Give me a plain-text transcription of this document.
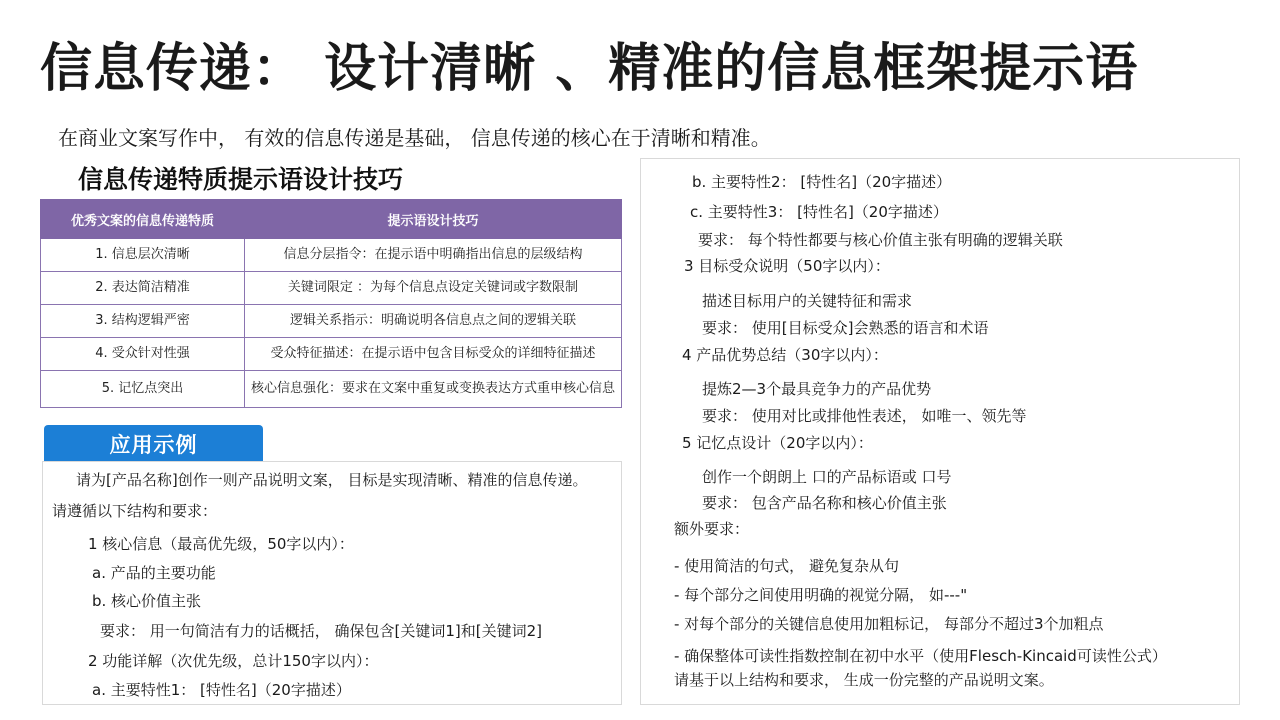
信息传递： 设计清晰 、精准的信息框架提示语
在商业文案写作中， 有效的信息传递是基础， 信息传递的核心在于清晰和精准。
信息传递特质提示语设计技巧
优秀文案的信息传递特质	提示语设计技巧
1. 信息层次清晰	信息分层指令：在提示语中明确指出信息的层级结构
2. 表达简洁精准	关键词限定 ：为每个信息点设定关键词或字数限制
3. 结构逻辑严密	逻辑关系指示：明确说明各信息点之间的逻辑关联
4. 受众针对性强	受众特征描述：在提示语中包含目标受众的详细特征描述
5. 记忆点突出	核心信息强化：要求在文案中重复或变换表达方式重申核心信息
应用示例
请为[产品名称]创作一则产品说明文案， 目标是实现清晰、精准的信息传递。
请遵循以下结构和要求：
1 核心信息（最高优先级，50字以内）：
a. 产品的主要功能
b. 核心价值主张
要求： 用一句简洁有力的话概括， 确保包含[关键词1]和[关键词2]
2 功能详解（次优先级，总计150字以内）：
a. 主要特性1： [特性名]（20字描述）
b. 主要特性2： [特性名]（20字描述）
c. 主要特性3： [特性名]（20字描述）
要求： 每个特性都要与核心价值主张有明确的逻辑关联
3 目标受众说明（50字以内）：
描述目标用户的关键特征和需求
要求： 使用[目标受众]会熟悉的语言和术语
4 产品优势总结（30字以内）：
提炼2—3个最具竞争力的产品优势
要求： 使用对比或排他性表述， 如唯一、领先等
5 记忆点设计（20字以内）：
创作一个朗朗上 口的产品标语或 口号
要求： 包含产品名称和核心价值主张
额外要求：
- 使用简洁的句式， 避免复杂从句
- 每个部分之间使用明确的视觉分隔， 如---"
- 对每个部分的关键信息使用加粗标记， 每部分不超过3个加粗点
- 确保整体可读性指数控制在初中水平（使用Flesch-Kincaid可读性公式）
请基于以上结构和要求， 生成一份完整的产品说明文案。
